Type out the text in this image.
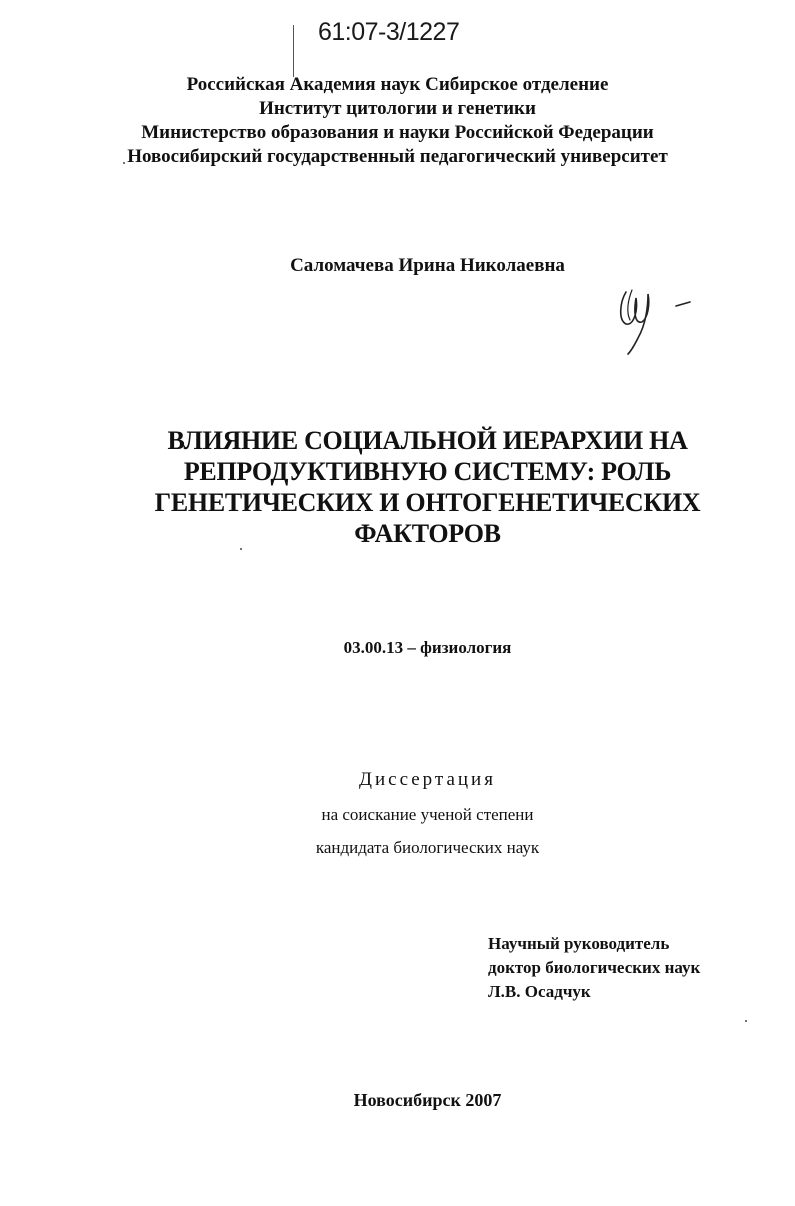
61:07-3/1227
Российская Академия наук Сибирское отделение
Институт цитологии и генетики
Министерство образования и науки Российской Федерации
Новосибирский государственный педагогический университет
Саломачева Ирина Николаевна
ВЛИЯНИЕ СОЦИАЛЬНОЙ ИЕРАРХИИ НА
РЕПРОДУКТИВНУЮ СИСТЕМУ: РОЛЬ
ГЕНЕТИЧЕСКИХ И ОНТОГЕНЕТИЧЕСКИХ
ФАКТОРОВ
03.00.13 – физиология
Диссертация
на соискание ученой степени
кандидата биологических наук
Научный руководитель
доктор биологических наук
Л.В. Осадчук
Новосибирск 2007
